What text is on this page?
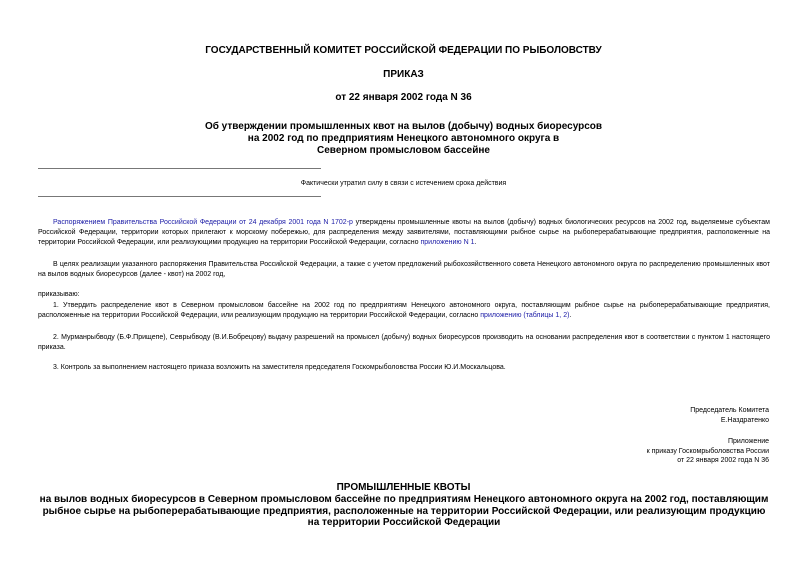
ГОСУДАРСТВЕННЫЙ КОМИТЕТ РОССИЙСКОЙ ФЕДЕРАЦИИ ПО РЫБОЛОВСТВУ
ПРИКАЗ
от 22 января 2002 года N 36
Об утверждении промышленных квот на вылов (добычу) водных биоресурсов
на 2002 год по предприятиям Ненецкого автономного округа в
Северном промысловом бассейне
Фактически утратил силу в связи с истечением срока действия
Распоряжением Правительства Российской Федерации от 24 декабря 2001 года N 1702-р утверждены промышленные квоты на вылов (добычу) водных биологических ресурсов на 2002 год, выделяемые субъектам Российской Федерации, территории которых прилегают к морскому побережью, для распределения между заявителями, поставляющими рыбное сырье на рыбоперерабатывающие предприятия, расположенные на территории Российской Федерации, или реализующими продукцию на территории Российской Федерации, согласно приложению N 1.
В целях реализации указанного распоряжения Правительства Российской Федерации, а также с учетом предложений рыбохозяйственного совета Ненецкого автономного округа по распределению промышленных квот на вылов водных биоресурсов (далее - квот) на 2002 год,
приказываю:
1. Утвердить распределение квот в Северном промысловом бассейне на 2002 год по предприятиям Ненецкого автономного округа, поставляющим рыбное сырье на рыбоперерабатывающие предприятия, расположенные на территории Российской Федерации, или реализующим продукцию на территории Российской Федерации, согласно приложению (таблицы 1, 2).
2. Мурманрыбводу (Б.Ф.Прищепе), Севрыбводу (В.И.Бобрецову) выдачу разрешений на промысел (добычу) водных биоресурсов производить на основании распределения квот в соответствии с пунктом 1 настоящего приказа.
3. Контроль за выполнением настоящего приказа возложить на заместителя председателя Госкомрыболовства России Ю.И.Москальцова.
Председатель Комитета
Е.Наздратенко
Приложение
к приказу Госкомрыболовства России
от 22 января 2002 года N 36
ПРОМЫШЛЕННЫЕ КВОТЫ
на вылов водных биоресурсов в Северном промысловом бассейне по предприятиям Ненецкого автономного округа на 2002 год, поставляющим рыбное сырье на рыбоперерабатывающие предприятия, расположенные на территории Российской Федерации, или реализующим продукцию на территории Российской Федерации
